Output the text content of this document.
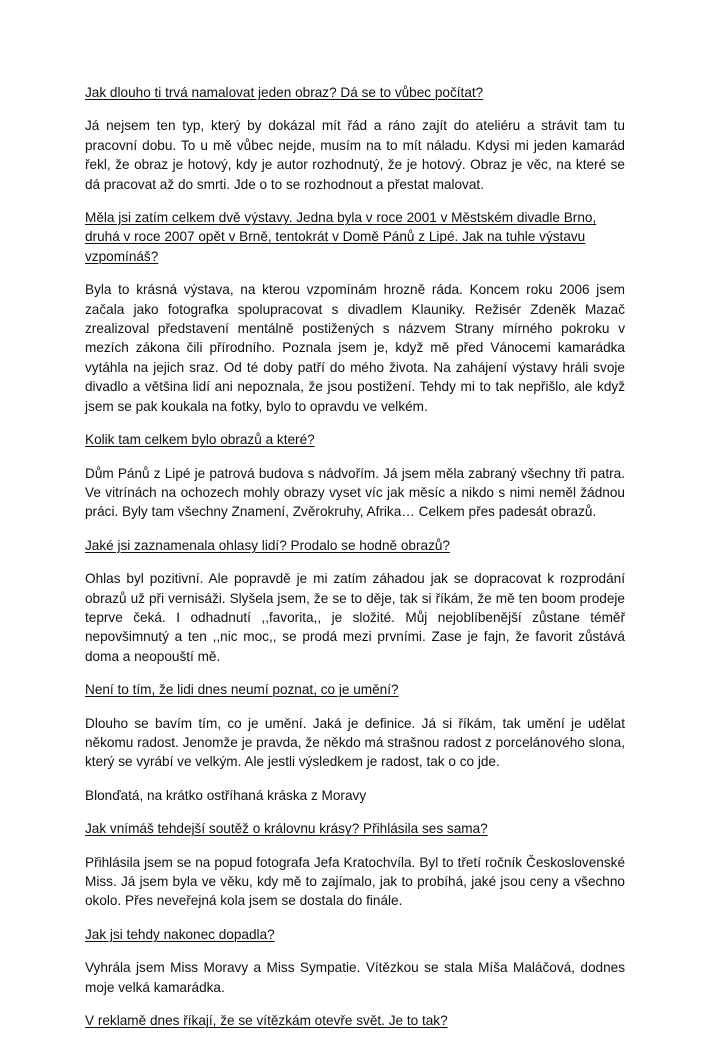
Jak dlouho ti trvá namalovat jeden obraz? Dá se to vůbec počítat?

Já nejsem ten typ, který by dokázal mít řád a ráno zajít do ateliéru a strávit tam tu pracovní dobu. To u mě vůbec nejde, musím na to mít náladu. Kdysi mi jeden kamarád řekl, že obraz je hotový, kdy je autor rozhodnutý, že je hotový. Obraz je věc, na které se dá pracovat až do smrti. Jde o to se rozhodnout a přestat malovat.

Měla jsi zatím celkem dvě výstavy. Jedna byla v roce 2001 v Městském divadle Brno, druhá v roce 2007 opět v Brně, tentokrát v Domě Pánů z Lipé. Jak na tuhle výstavu vzpomínáš?

Byla to krásná výstava, na kterou vzpomínám hrozně ráda. Koncem roku 2006 jsem začala jako fotografka spolupracovat s divadlem Klauniky. Režisér Zdeněk Mazač zrealizoval představení mentálně postižených s názvem Strany mírného pokroku v mezích zákona čili přírodního. Poznala jsem je, když mě před Vánocemi kamarádka vytáhla na jejich sraz. Od té doby patří do mého života. Na zahájení výstavy hráli svoje divadlo a většina lidí ani nepoznala, že jsou postižení. Tehdy mi to tak nepřišlo, ale když jsem se pak koukala na fotky, bylo to opravdu ve velkém.

Kolik tam celkem bylo obrazů a které?

Dům Pánů z Lipé je patrová budova s nádvořím. Já jsem měla zabraný všechny tři patra. Ve vitrínách na ochozech mohly obrazy vyset víc jak měsíc a nikdo s nimi neměl žádnou práci. Byly tam všechny Znamení, Zvěrokruhy, Afrika… Celkem přes padesát obrazů.

Jaké jsi zaznamenala ohlasy lidí? Prodalo se hodně obrazů?

Ohlas byl pozitivní. Ale popravdě je mi zatím záhadou jak se dopracovat k rozprodání obrazů už při vernisáži. Slyšela jsem, že se to děje, tak si říkám, že mě ten boom prodeje teprve čeká. I odhadnutí ,,favorita,, je složité. Můj nejoblíbenější zůstane téměř nepovšimnutý a ten ,,nic moc,, se prodá mezi prvními. Zase je fajn, že favorit zůstává doma a neopouští mě.

Není to tím, že lidi dnes neumí poznat, co je umění?

Dlouho se bavím tím, co je umění. Jaká je definice. Já si říkám, tak umění je udělat někomu radost. Jenomže je pravda, že někdo má strašnou radost z porcelánového slona, který se vyrábí ve velkým. Ale jestli výsledkem je radost, tak o co jde.

Blonďatá, na krátko ostříhaná kráska z Moravy

Jak vnímáš tehdejší soutěž o královnu krásy? Přihlásila ses sama?

Přihlásila jsem se na popud fotografa Jefa Kratochvíla. Byl to třetí ročník Československé Miss. Já jsem byla ve věku, kdy mě to zajímalo, jak to probíhá, jaké jsou ceny a všechno okolo. Přes neveřejná kola jsem se dostala do finále.

Jak jsi tehdy nakonec dopadla?

Vyhrála jsem Miss Moravy a Miss Sympatie. Vítězkou se stala Míša Maláčová, dodnes moje velká kamarádka.

V reklamě dnes říkají, že se vítězkám otevře svět. Je to tak?
